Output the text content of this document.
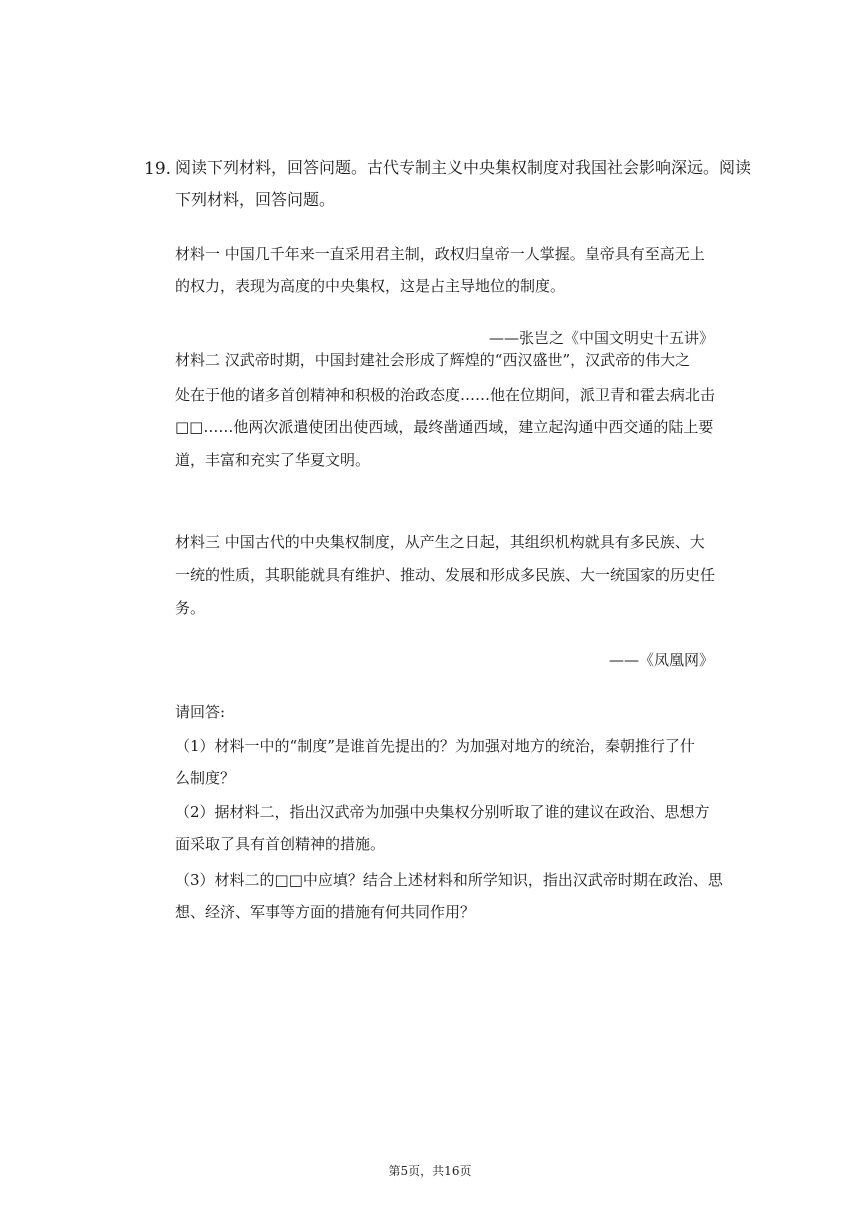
19. 阅读下列材料，回答问题。古代专制主义中央集权制度对我国社会影响深远。阅读
下列材料，回答问题。
材料一 中国几千年来一直采用君主制，政权归皇帝一人掌握。皇帝具有至高无上
的权力，表现为高度的中央集权，这是占主导地位的制度。
——张岂之《中国文明史十五讲》
材料二 汉武帝时期，中国封建社会形成了辉煌的“西汉盛世”，汉武帝的伟大之
处在于他的诸多首创精神和积极的治政态度……他在位期间，派卫青和霍去病北击
□□……他两次派遣使团出使西域，最终凿通西域，建立起沟通中西交通的陆上要
道，丰富和充实了华夏文明。
材料三 中国古代的中央集权制度，从产生之日起，其组织机构就具有多民族、大
一统的性质，其职能就具有维护、推动、发展和形成多民族、大一统国家的历史任
务。
——《凤凰网》
请回答:
（1）材料一中的“制度”是谁首先提出的？为加强对地方的统治，秦朝推行了什
么制度？
（2）据材料二，指出汉武帝为加强中央集权分别听取了谁的建议在政治、思想方
面采取了具有首创精神的措施。
（3）材料二的□□中应填？结合上述材料和所学知识，指出汉武帝时期在政治、思
想、经济、军事等方面的措施有何共同作用？
第5页，共16页
